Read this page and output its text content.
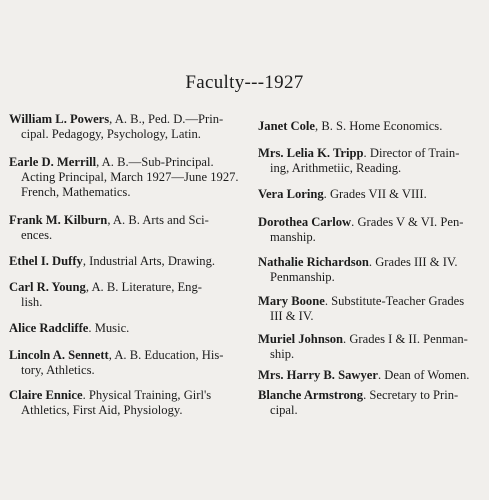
Faculty---1927
William L. Powers, A. B., Ped. D.—Prin-
cipal. Pedagogy, Psychology, Latin.
Earle D. Merrill, A. B.—Sub-Principal.
Acting Principal, March 1927—June 1927. French, Mathematics.
Frank M. Kilburn, A. B. Arts and Sci-
ences.
Ethel I. Duffy, Industrial Arts, Drawing.
Carl R. Young, A. B. Literature, Eng-
lish.
Alice Radcliffe. Music.
Lincoln A. Sennett, A. B. Education, His-
tory, Athletics.
Claire Ennice. Physical Training, Girl's
Athletics, First Aid, Physiology.
Janet Cole, B. S. Home Economics.
Mrs. Lelia K. Tripp. Director of Train-
ing, Arithmetiic, Reading.
Vera Loring. Grades VII & VIII.
Dorothea Carlow. Grades V & VI. Pen-
manship.
Nathalie Richardson. Grades III & IV.
Penmanship.
Mary Boone. Substitute-Teacher Grades
III & IV.
Muriel Johnson. Grades I & II. Penman-
ship.
Mrs. Harry B. Sawyer. Dean of Women.
Blanche Armstrong. Secretary to Prin-
cipal.
